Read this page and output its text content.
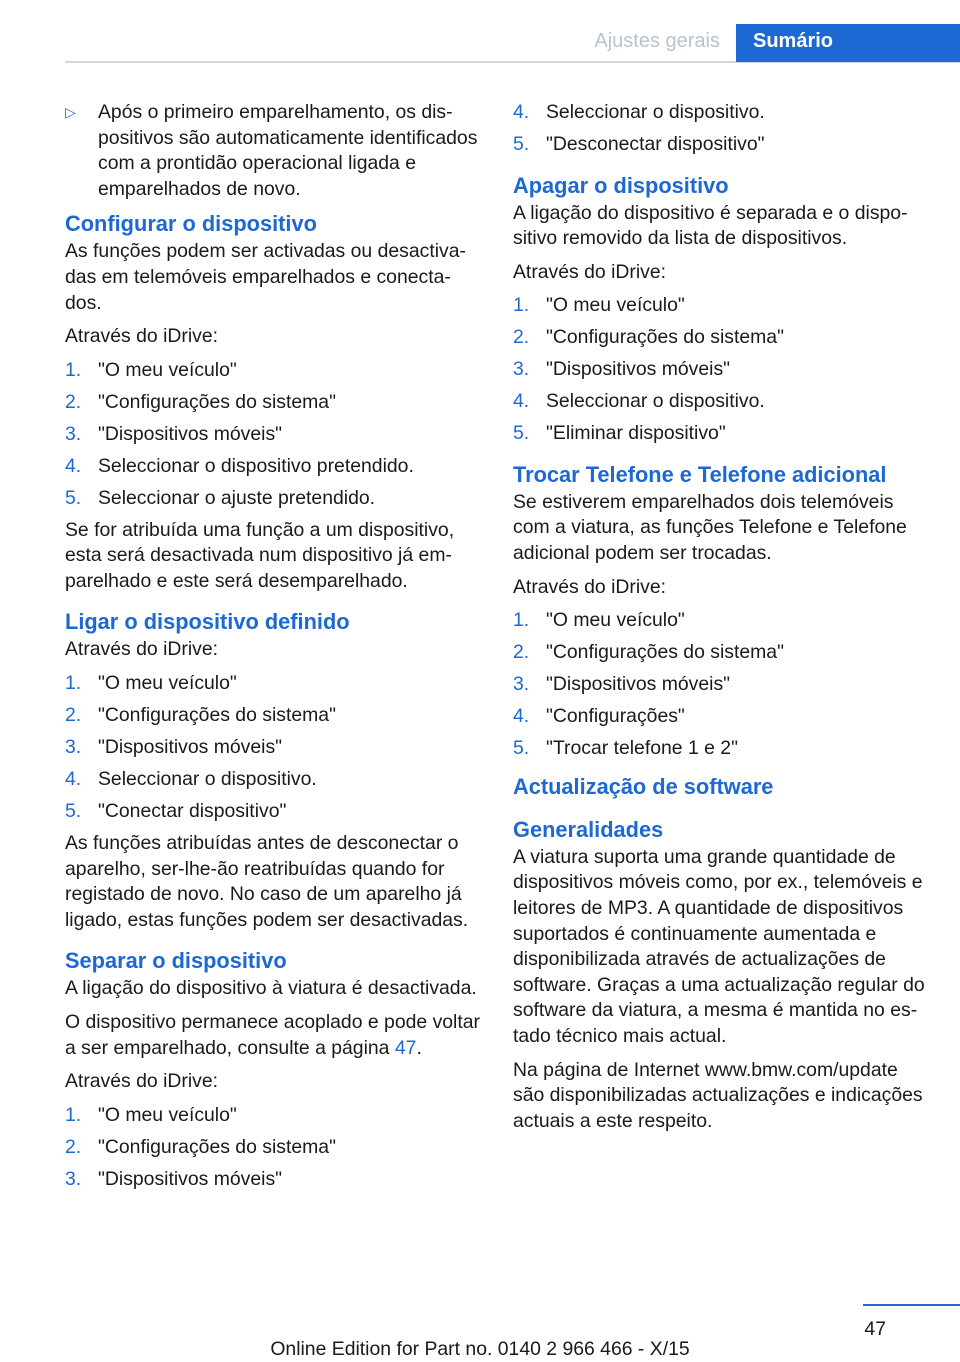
Ajustes gerais Sumário
▷	Após o primeiro emparelhamento, os dispositivos são automaticamente identificados com a prontidão operacional ligada e emparelhados de novo.
Configurar o dispositivo

As funções podem ser activadas ou desactivadas em telemóveis emparelhados e conectados.

Através do iDrive:

1. "O meu veículo"
2. "Configurações do sistema"
3. "Dispositivos móveis"
4. Seleccionar o dispositivo pretendido.
5. Seleccionar o ajuste pretendido.

Se for atribuída uma função a um dispositivo, esta será desactivada num dispositivo já emparelhado e este será desemparelhado.

Ligar o dispositivo definido

Através do iDrive:

1. "O meu veículo"
2. "Configurações do sistema"
3. "Dispositivos móveis"
4. Seleccionar o dispositivo.
5. "Conectar dispositivo"

As funções atribuídas antes de desconectar o aparelho, ser-lhe-ão reatribuídas quando for registado de novo. No caso de um aparelho já ligado, estas funções podem ser desactivadas.

Separar o dispositivo

A ligação do dispositivo à viatura é desactivada.

O dispositivo permanece acoplado e pode voltar a ser emparelhado, consulte a página 47.

Através do iDrive:

1. "O meu veículo"
2. "Configurações do sistema"
3. "Dispositivos móveis"
4. Seleccionar o dispositivo.
5. "Desconectar dispositivo"
Apagar o dispositivo

A ligação do dispositivo é separada e o dispositivo removido da lista de dispositivos.

Através do iDrive:

1. "O meu veículo"
2. "Configurações do sistema"
3. "Dispositivos móveis"
4. Seleccionar o dispositivo.
5. "Eliminar dispositivo"
Trocar Telefone e Telefone adicional

Se estiverem emparelhados dois telemóveis com a viatura, as funções Telefone e Telefone adicional podem ser trocadas.

Através do iDrive:

1. "O meu veículo"
2. "Configurações do sistema"
3. "Dispositivos móveis"
4. "Configurações"
5. "Trocar telefone 1 e 2"
Actualização de software
Generalidades

A viatura suporta uma grande quantidade de dispositivos móveis como, por ex., telemóveis e leitores de MP3. A quantidade de dispositivos suportados é continuamente aumentada e disponibilizada através de actualizações de software. Graças a uma actualização regular do software da viatura, a mesma é mantida no estado técnico mais actual.

Na página de Internet www.bmw.com/update são disponibilizadas actualizações e indicações actuais a este respeito.

47
Online Edition for Part no. 0140 2 966 466 - X/15
